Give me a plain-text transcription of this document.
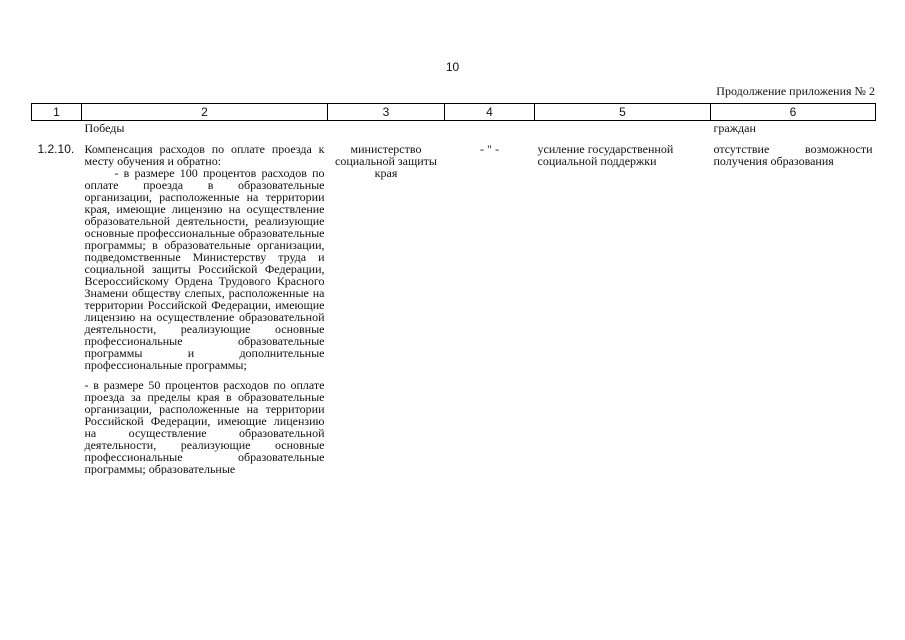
10
Продолжение приложения № 2
1	2	3	4	5	6
	Победы				граждан
1.2.10.	Компенсация расходов по оплате проезда к месту обучения и обратно:

- в размере 100 процентов расходов по оплате проезда в образовательные организации, расположенные на территории края, имеющие лицензию на осуществление образовательной деятельности, реализующие основные профессиональные образовательные программы; в образовательные организации, подведомственные Министерству труда и социальной защиты Российской Федерации, Всероссийскому Ордена Трудового Красного Знамени обществу слепых, расположенные на территории Российской Федерации, имеющие лицензию на осуществление образовательной деятельности, реализующие основные профессиональные образовательные программы и дополнительные профессиональные программы;

- в размере 50 процентов расходов по оплате проезда за пределы края в образовательные организации, расположенные на территории Российской Федерации, имеющие лицензию на осуществление образовательной деятельности, реализующие основные профессиональные образовательные программы; образовательные	министерство социальной защиты края	- " -	усиление государственной социальной поддержки	отсутствие возможности получения образования
